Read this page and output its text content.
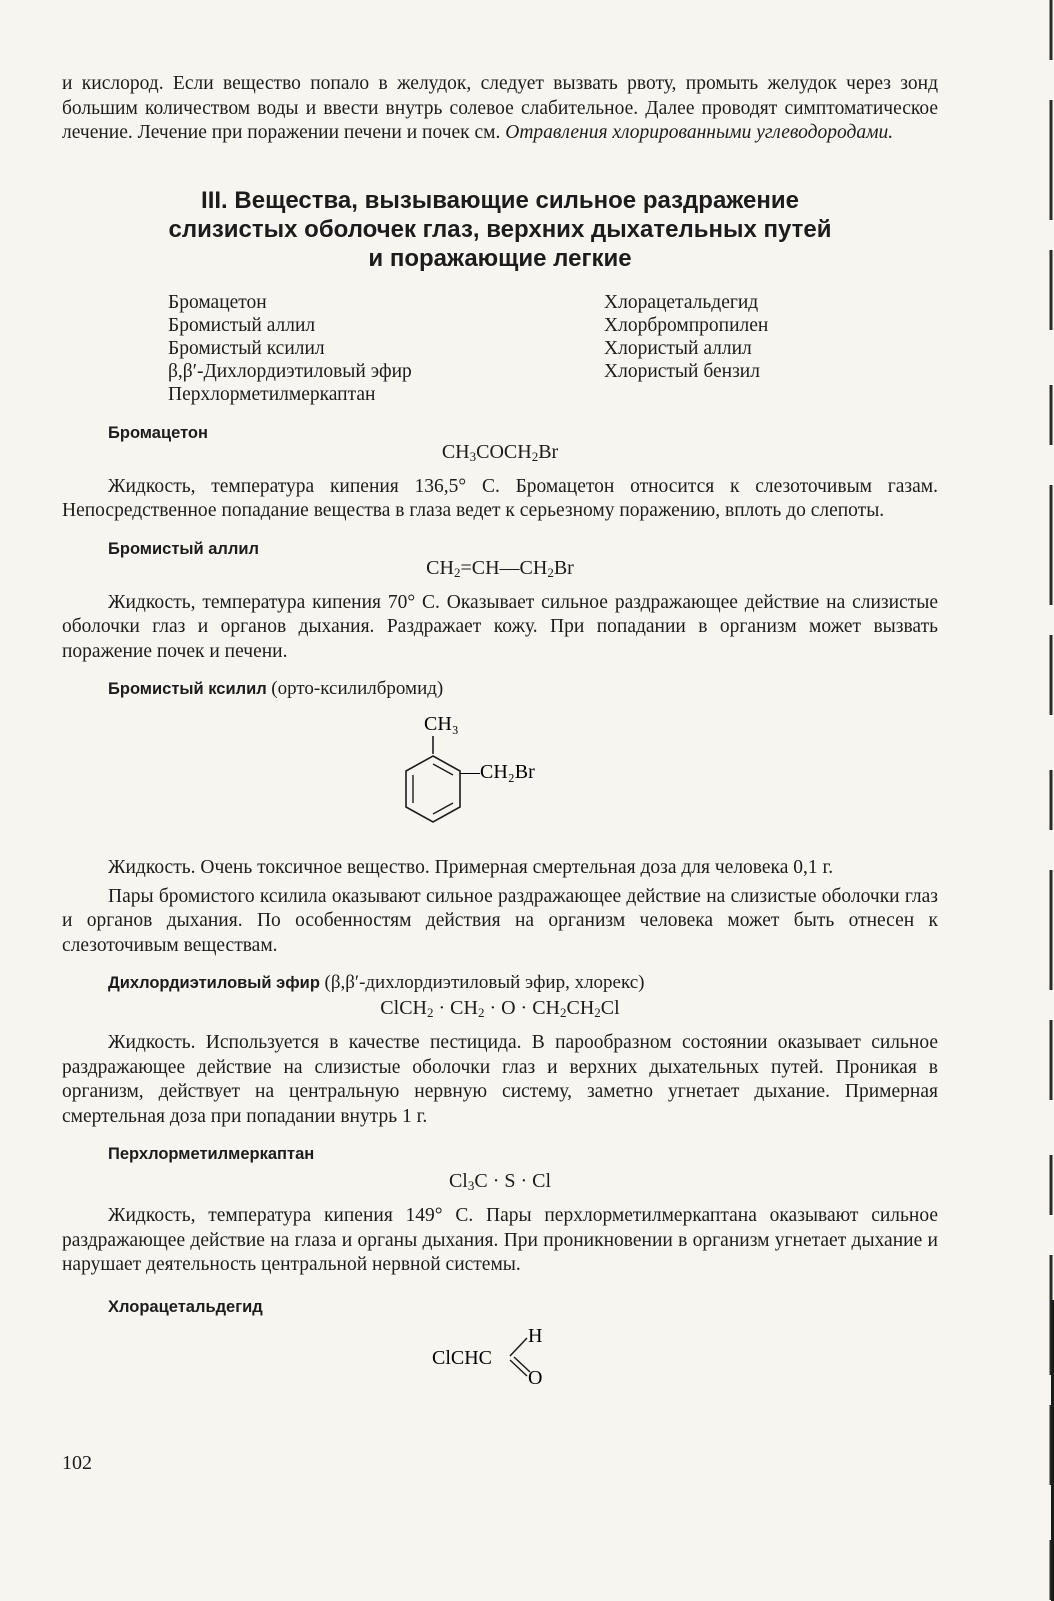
и кислород. Если вещество попало в желудок, следует вызвать рвоту, промыть желудок через зонд большим количеством воды и ввести внутрь солевое слабительное. Далее проводят симптоматическое лечение. Лечение при поражении печени и почек см. Отравления хлорированными углеводородами.

III. Вещества, вызывающие сильное раздражение
слизистых оболочек глаз, верхних дыхательных путей
и поражающие легкие
Бромацетон
Бромистый аллил
Бромистый ксилил
β,β′-Дихлордиэтиловый эфир
Перхлорметилмеркаптан
Хлорацетальдегид
Хлорбромпропилен
Хлористый аллил
Хлористый бензил
Бромацетон
$CH_3COCH_2Br$

Жидкость, температура кипения 136,5° С. Бромацетон относится к слезоточивым газам. Непосредственное попадание вещества в глаза ведет к серьезному поражению, вплоть до слепоты.

Бромистый аллил
$CH_2=CH—CH_2Br$

Жидкость, температура кипения 70° С. Оказывает сильное раздражающее действие на слизистые оболочки глаз и органов дыхания. Раздражает кожу. При попадании в организм может вызвать поражение почек и печени.

Бромистый ксилил (орто-ксилилбромид)
CH₃
—CH₂Br

Жидкость. Очень токсичное вещество. Примерная смертельная доза для человека 0,1 г.

Пары бромистого ксилила оказывают сильное раздражающее действие на слизистые оболочки глаз и органов дыхания. По особенностям действия на организм человека может быть отнесен к слезоточивым веществам.

Дихлордиэтиловый эфир (β,β′-дихлордиэтиловый эфир, хлорекс)
ClCH$_2$ · $CH_2 \cdot O \cdot CH_2CH_2Cl$

Жидкость. Используется в качестве пестицида. В парообразном состоянии оказывает сильное раздражающее действие на слизистые оболочки глаз и верхних дыхательных путей. Проникая в организм, действует на центральную нервную систему, заметно угнетает дыхание. Примерная смертельная доза при попадании внутрь 1 г.

Перхлорметилмеркаптан
$Cl_3C \cdot S \cdot Cl$

Жидкость, температура кипения 149° С. Пары перхлорметилмеркаптана оказывают сильное раздражающее действие на глаза и органы дыхания. При проникновении в организм угнетает дыхание и нарушает деятельность центральной нервной системы.

Хлорацетальдегид
ClCHC
H
O
102
